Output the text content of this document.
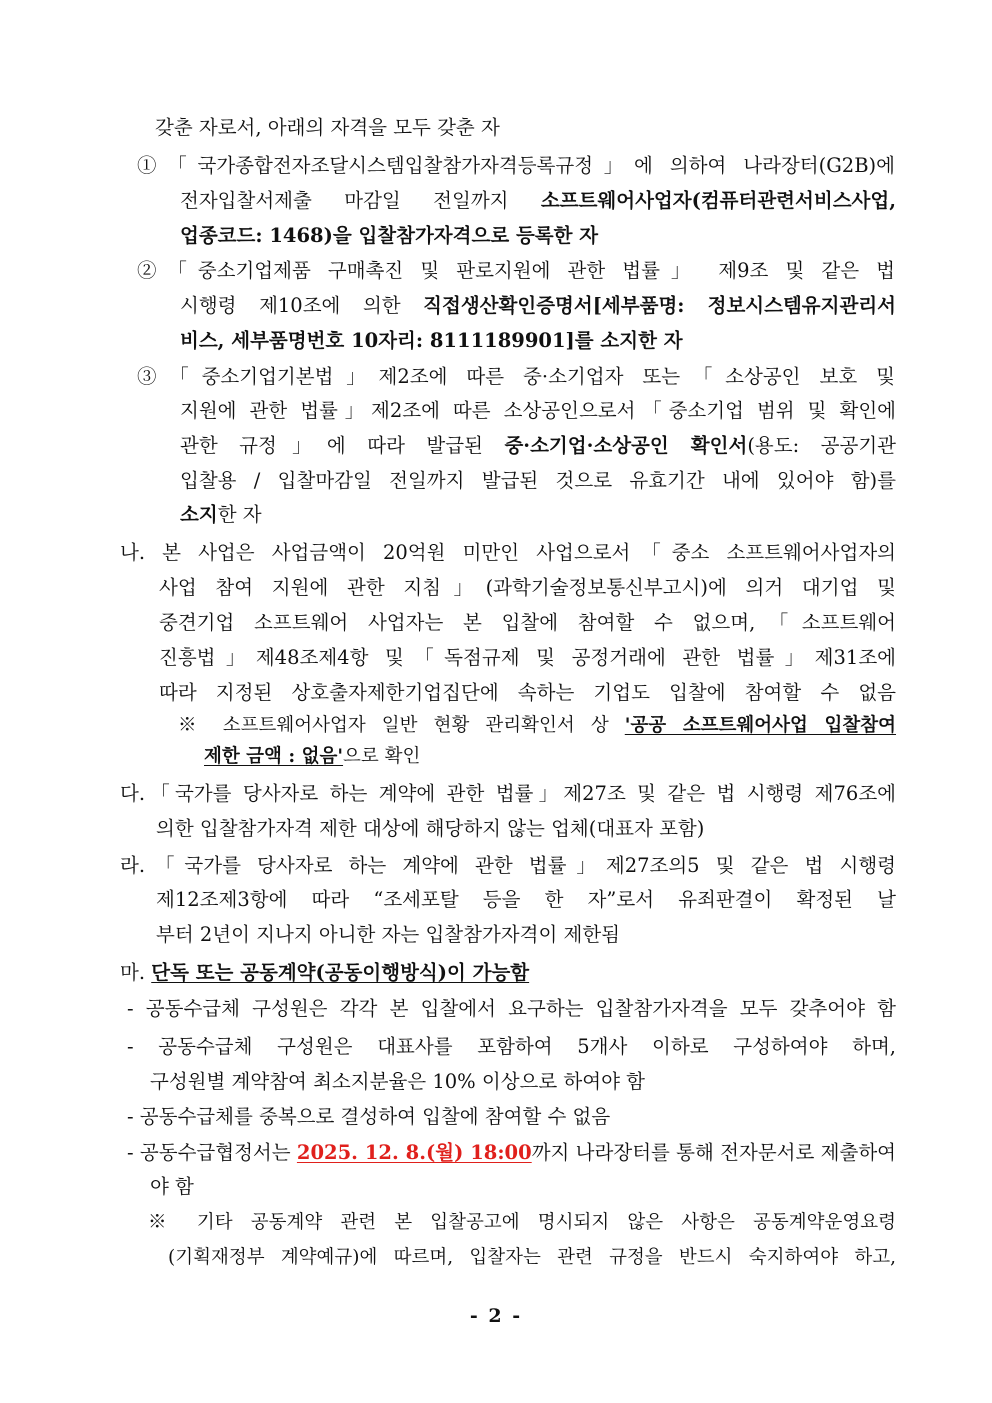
갖춘 자로서, 아래의 자격을 모두 갖춘 자
①「국가종합전자조달시스템입찰참가자격등록규정」에 의하여 나라장터(G2B)에
전자입찰서제출 마감일 전일까지 소프트웨어사업자(컴퓨터관련서비스사업,
업종코드: 1468)을 입찰참가자격으로 등록한 자
②「중소기업제품 구매촉진 및 판로지원에 관한 법률」 제9조 및 같은 법
시행령 제10조에 의한 직접생산확인증명서[세부품명: 정보시스템유지관리서
비스, 세부품명번호 10자리: 8111189901]를 소지한 자
③「중소기업기본법」제2조에 따른 중·소기업자 또는「소상공인 보호 및
지원에 관한 법률」제2조에 따른 소상공인으로서「중소기업 범위 및 확인에
관한 규정」에 따라 발급된 중·소기업·소상공인 확인서(용도: 공공기관
입찰용 / 입찰마감일 전일까지 발급된 것으로 유효기간 내에 있어야 함)를
소지한 자
나. 본 사업은 사업금액이 20억원 미만인 사업으로서「중소 소프트웨어사업자의
사업 참여 지원에 관한 지침」(과학기술정보통신부고시)에 의거 대기업 및
중견기업 소프트웨어 사업자는 본 입찰에 참여할 수 없으며,「소프트웨어
진흥법」제48조제4항 및「독점규제 및 공정거래에 관한 법률」제31조에
따라 지정된 상호출자제한기업집단에 속하는 기업도 입찰에 참여할 수 없음
※ 소프트웨어사업자 일반 현황 관리확인서 상 '공공 소프트웨어사업 입찰참여
제한 금액 : 없음'으로 확인
다.「국가를 당사자로 하는 계약에 관한 법률」제27조 및 같은 법 시행령 제76조에
의한 입찰참가자격 제한 대상에 해당하지 않는 업체(대표자 포함)
라.「국가를 당사자로 하는 계약에 관한 법률」제27조의5 및 같은 법 시행령
제12조제3항에 따라 “조세포탈 등을 한 자”로서 유죄판결이 확정된 날
부터 2년이 지나지 아니한 자는 입찰참가자격이 제한됨
마. 단독 또는 공동계약(공동이행방식)이 가능함
- 공동수급체 구성원은 각각 본 입찰에서 요구하는 입찰참가자격을 모두 갖추어야 함
- 공동수급체 구성원은 대표사를 포함하여 5개사 이하로 구성하여야 하며,
구성원별 계약참여 최소지분율은 10% 이상으로 하여야 함
- 공동수급체를 중복으로 결성하여 입찰에 참여할 수 없음
- 공동수급협정서는 2025. 12. 8.(월) 18:00까지 나라장터를 통해 전자문서로 제출하여
야 함
※ 기타 공동계약 관련 본 입찰공고에 명시되지 않은 사항은 공동계약운영요령
(기획재정부 계약예규)에 따르며, 입찰자는 관련 규정을 반드시 숙지하여야 하고,
- 2 -
